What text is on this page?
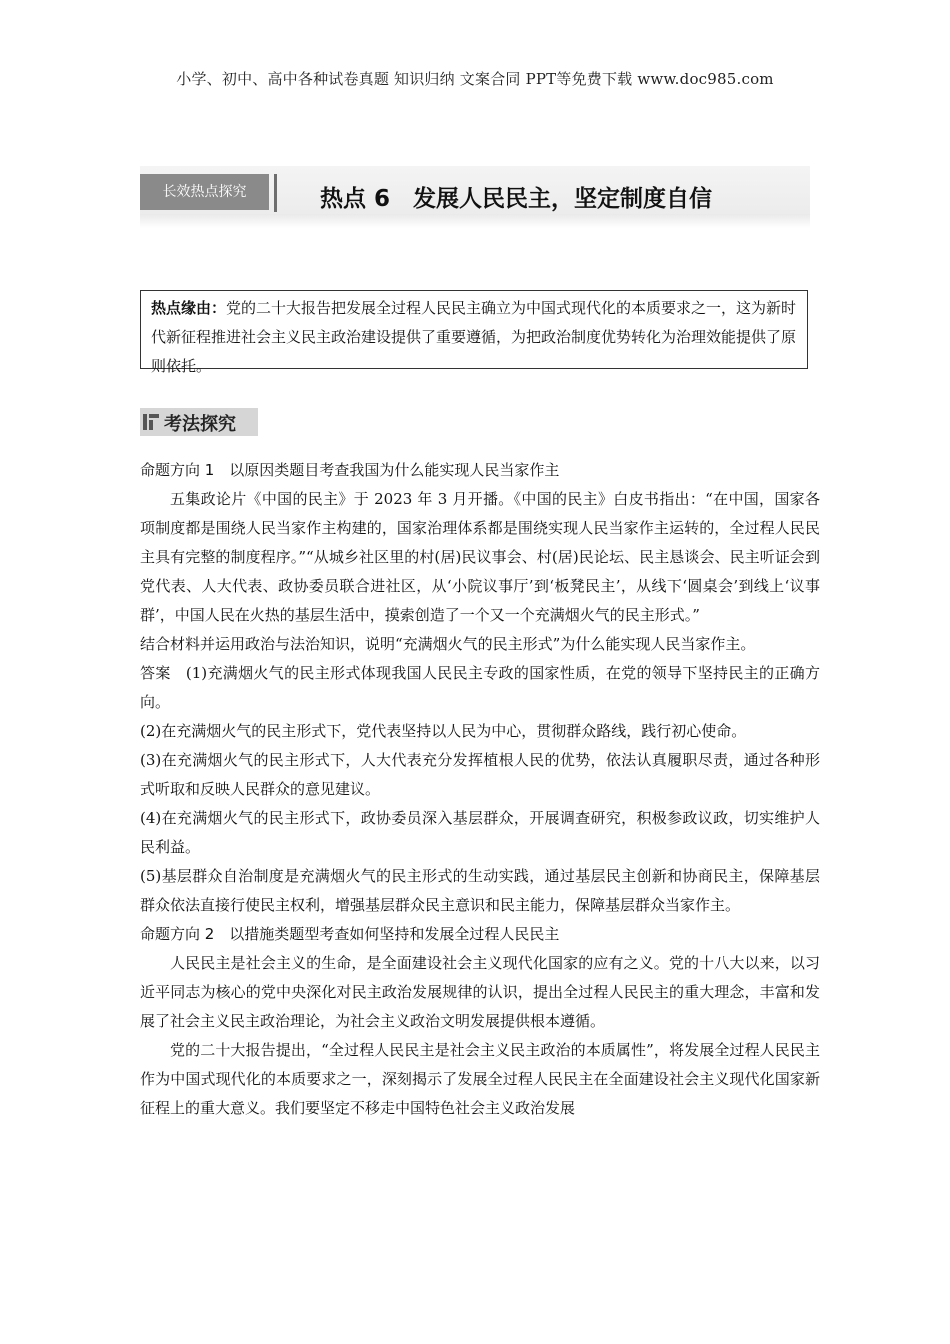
小学、初中、高中各种试卷真题 知识归纳 文案合同 PPT等免费下载 www.doc985.com
长效热点探究	热点 6　发展人民民主，坚定制度自信
热点缘由：党的二十大报告把发展全过程人民民主确立为中国式现代化的本质要求之一，这为新时代新征程推进社会主义民主政治建设提供了重要遵循，为把政治制度优势转化为治理效能提供了原则依托。
考法探究

命题方向 1　以原因类题目考查我国为什么能实现人民当家作主

五集政论片《中国的民主》于 2023 年 3 月开播。《中国的民主》白皮书指出：“在中国，国家各项制度都是围绕人民当家作主构建的，国家治理体系都是围绕实现人民当家作主运转的，全过程人民民主具有完整的制度程序。”“从城乡社区里的村(居)民议事会、村(居)民论坛、民主恳谈会、民主听证会到党代表、人大代表、政协委员联合进社区，从‘小院议事厅’到‘板凳民主’，从线下‘圆桌会’到线上‘议事群’，中国人民在火热的基层生活中，摸索创造了一个又一个充满烟火气的民主形式。”

结合材料并运用政治与法治知识，说明“充满烟火气的民主形式”为什么能实现人民当家作主。

答案 (1)充满烟火气的民主形式体现我国人民民主专政的国家性质，在党的领导下坚持民主的正确方向。

(2)在充满烟火气的民主形式下，党代表坚持以人民为中心，贯彻群众路线，践行初心使命。

(3)在充满烟火气的民主形式下，人大代表充分发挥植根人民的优势，依法认真履职尽责，通过各种形式听取和反映人民群众的意见建议。

(4)在充满烟火气的民主形式下，政协委员深入基层群众，开展调查研究，积极参政议政，切实维护人民利益。

(5)基层群众自治制度是充满烟火气的民主形式的生动实践，通过基层民主创新和协商民主，保障基层群众依法直接行使民主权利，增强基层群众民主意识和民主能力，保障基层群众当家作主。

命题方向 2　以措施类题型考查如何坚持和发展全过程人民民主

人民民主是社会主义的生命，是全面建设社会主义现代化国家的应有之义。党的十八大以来，以习近平同志为核心的党中央深化对民主政治发展规律的认识，提出全过程人民民主的重大理念，丰富和发展了社会主义民主政治理论，为社会主义政治文明发展提供根本遵循。

党的二十大报告提出，“全过程人民民主是社会主义民主政治的本质属性”，将发展全过程人民民主作为中国式现代化的本质要求之一，深刻揭示了发展全过程人民民主在全面建设社会主义现代化国家新征程上的重大意义。我们要坚定不移走中国特色社会主义政治发展
